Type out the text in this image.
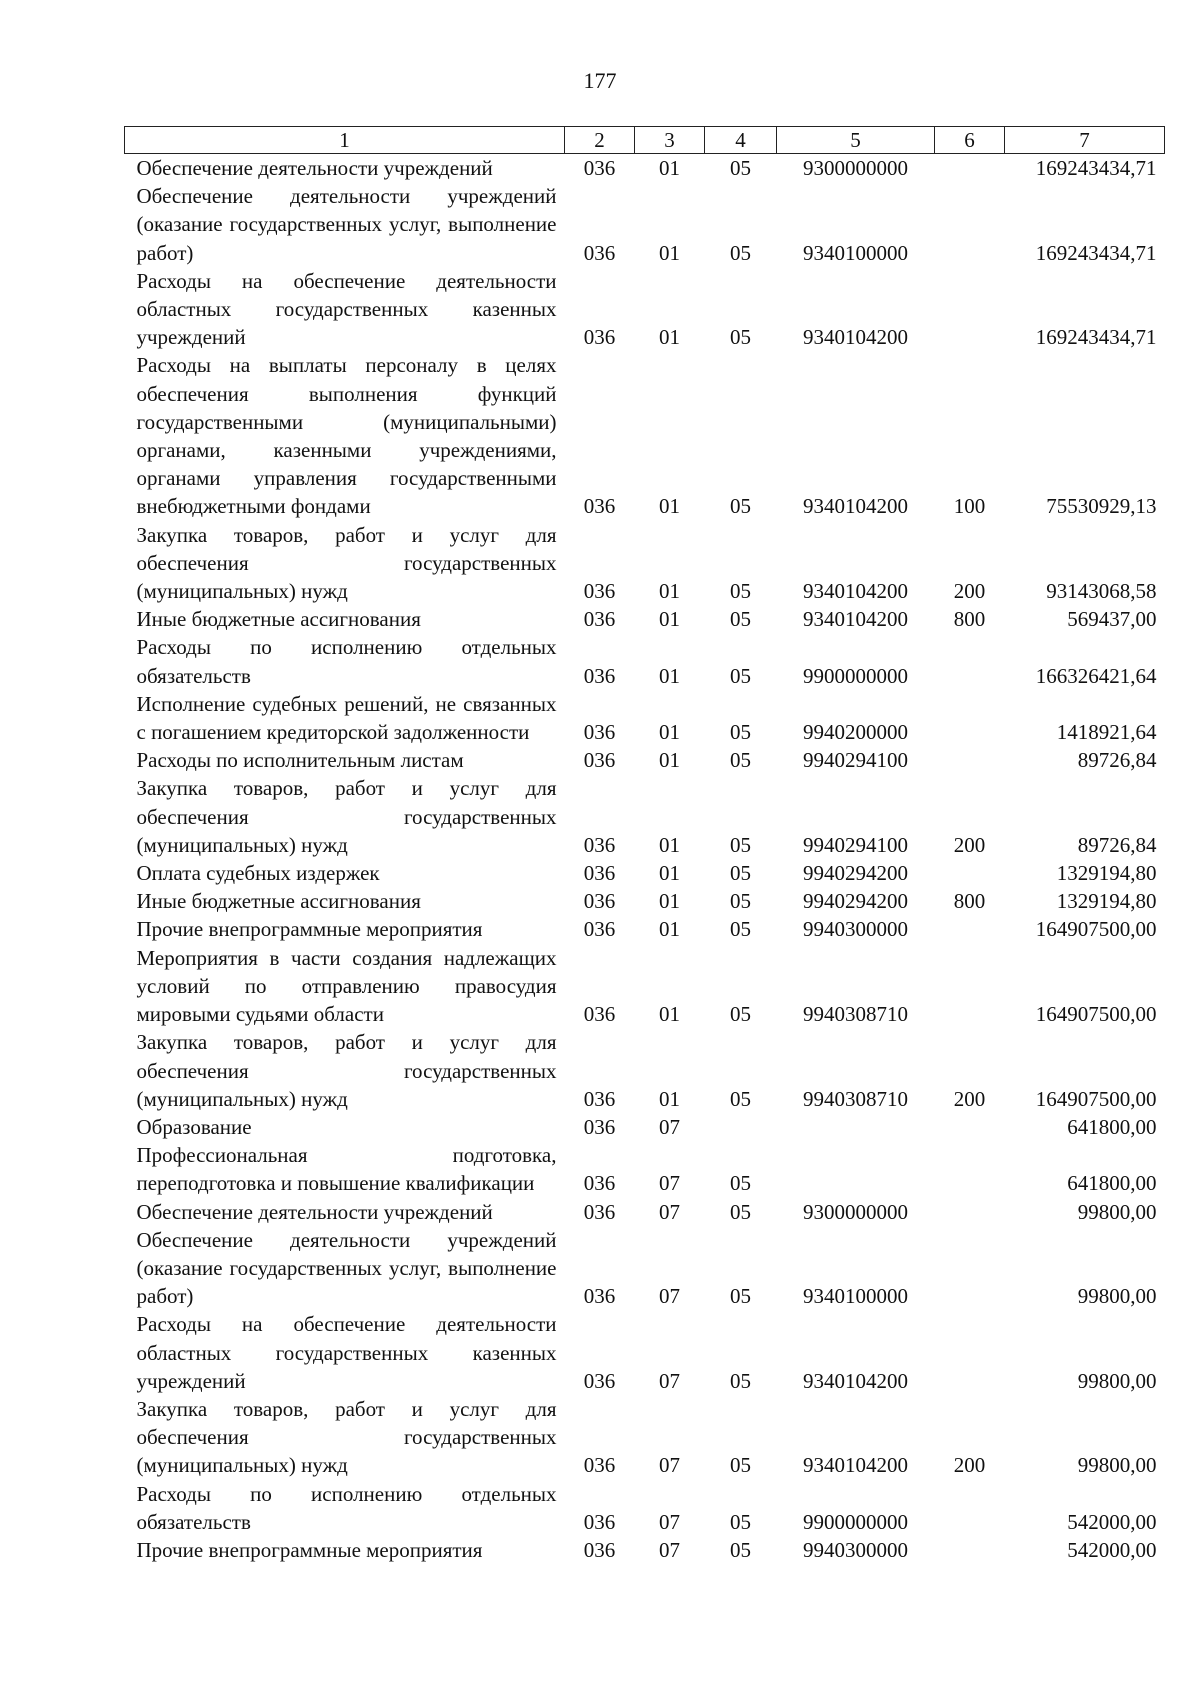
177
1	2	3	4	5	6	7
Обеспечение деятельности учреждений	036	01	05	9300000000		169243434,71
Обеспечение деятельности учреждений (оказание государственных услуг, выполнение работ)	036	01	05	9340100000		169243434,71
Расходы на обеспечение деятельности областных государственных казенных учреждений	036	01	05	9340104200		169243434,71
Расходы на выплаты персоналу в целях обеспечения выполнения функций государственными (муниципальными) органами, казенными учреждениями, органами управления государственными внебюджетными фондами	036	01	05	9340104200	100	75530929,13
Закупка товаров, работ и услуг для обеспечения государственных (муниципальных) нужд	036	01	05	9340104200	200	93143068,58
Иные бюджетные ассигнования	036	01	05	9340104200	800	569437,00
Расходы по исполнению отдельных обязательств	036	01	05	9900000000		166326421,64
Исполнение судебных решений, не связанных с погашением кредиторской задолженности	036	01	05	9940200000		1418921,64
Расходы по исполнительным листам	036	01	05	9940294100		89726,84
Закупка товаров, работ и услуг для обеспечения государственных (муниципальных) нужд	036	01	05	9940294100	200	89726,84
Оплата судебных издержек	036	01	05	9940294200		1329194,80
Иные бюджетные ассигнования	036	01	05	9940294200	800	1329194,80
Прочие внепрограммные мероприятия	036	01	05	9940300000		164907500,00
Мероприятия в части создания надлежащих условий по отправлению правосудия мировыми судьями области	036	01	05	9940308710		164907500,00
Закупка товаров, работ и услуг для обеспечения государственных (муниципальных) нужд	036	01	05	9940308710	200	164907500,00
Образование	036	07				641800,00
Профессиональная подготовка, переподготовка и повышение квалификации	036	07	05			641800,00
Обеспечение деятельности учреждений	036	07	05	9300000000		99800,00
Обеспечение деятельности учреждений (оказание государственных услуг, выполнение работ)	036	07	05	9340100000		99800,00
Расходы на обеспечение деятельности областных государственных казенных учреждений	036	07	05	9340104200		99800,00
Закупка товаров, работ и услуг для обеспечения государственных (муниципальных) нужд	036	07	05	9340104200	200	99800,00
Расходы по исполнению отдельных обязательств	036	07	05	9900000000		542000,00
Прочие внепрограммные мероприятия	036	07	05	9940300000		542000,00
